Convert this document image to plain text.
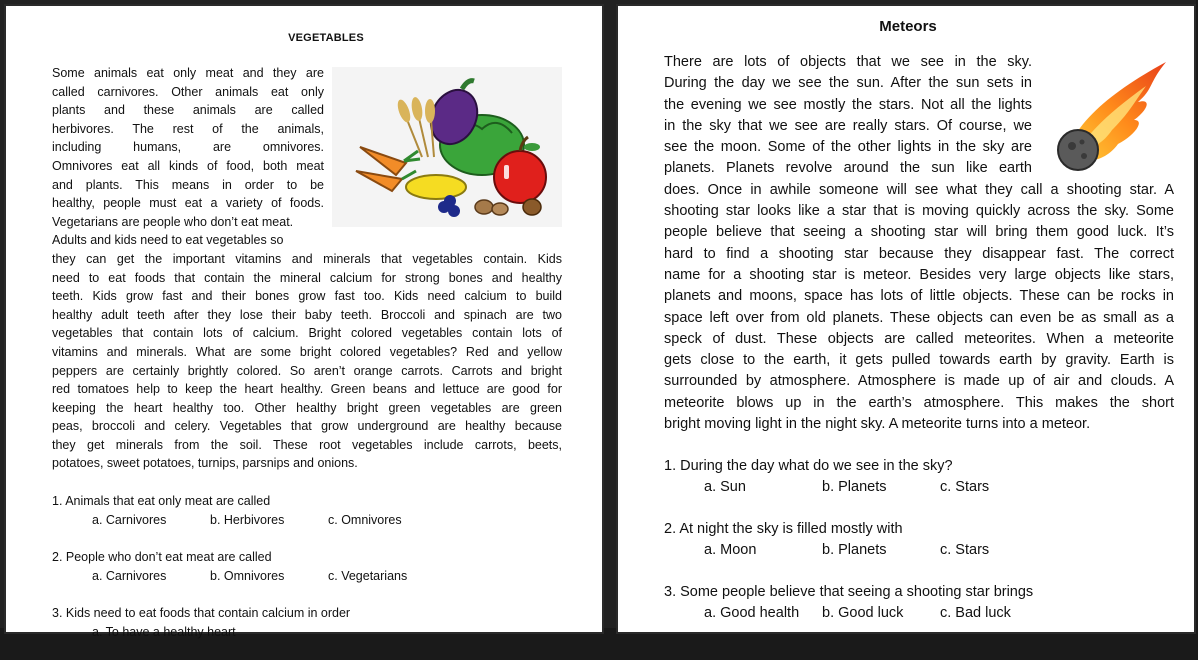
VEGETABLES
Some animals eat only meat and they are
called carnivores. Other animals eat only
plants and these animals are called
herbivores. The rest of the animals,
including humans, are omnivores.
Omnivores eat all kinds of food, both meat
and plants. This means in order to be
healthy, people must eat a variety of foods.
Vegetarians are people who don’t eat meat.
Adults and kids need to eat vegetables so
they can get the important vitamins and minerals that vegetables contain. Kids
need to eat foods that contain the mineral calcium for strong bones and healthy
teeth. Kids grow fast and their bones grow fast too. Kids need calcium to build
healthy adult teeth after they lose their baby teeth. Broccoli and spinach are two
vegetables that contain lots of calcium. Bright colored vegetables contain lots of
vitamins and minerals. What are some bright colored vegetables? Red and yellow
peppers are certainly brightly colored. So aren’t orange carrots. Carrots and bright
red tomatoes help to keep the heart healthy. Green beans and lettuce are good for
keeping the heart healthy too. Other healthy bright green vegetables are green
peas, broccoli and celery. Vegetables that grow underground are healthy because
they get minerals from the soil. These root vegetables include carrots, beets,
potatoes, sweet potatoes, turnips, parsnips and onions.
1. Animals that eat only meat are called
a. Carnivores	b. Herbivores	c. Omnivores
2. People who don’t eat meat are called
a. Carnivores	b. Omnivores	c. Vegetarians
3. Kids need to eat foods that contain calcium in order
a. To have a healthy heart
Meteors
There are lots of objects that we see in the sky.
During the day we see the sun. After the sun sets in
the evening we see mostly the stars. Not all the lights
in the sky that we see are really stars. Of course, we
see the moon. Some of the other lights in the sky are
planets. Planets revolve around the sun like earth
does. Once in awhile someone will see what they call a shooting star. A
shooting star looks like a star that is moving quickly across the sky. Some
people believe that seeing a shooting star will bring them good luck. It’s
hard to find a shooting star because they disappear fast. The correct
name for a shooting star is meteor. Besides very large objects like stars,
planets and moons, space has lots of little objects. These can be rocks in
space left over from old planets. These objects can even be as small as a
speck of dust. These objects are called meteorites. When a meteorite
gets close to the earth, it gets pulled towards earth by gravity. Earth is
surrounded by atmosphere. Atmosphere is made up of air and clouds. A
meteorite blows up in the earth’s atmosphere. This makes the short
bright moving light in the night sky. A meteorite turns into a meteor.
1. During the day what do we see in the sky?
a. Sun	b. Planets	c. Stars
2. At night the sky is filled mostly with
a. Moon	b. Planets	c. Stars
3. Some people believe that seeing a shooting star brings
a. Good health	b. Good luck	c. Bad luck
